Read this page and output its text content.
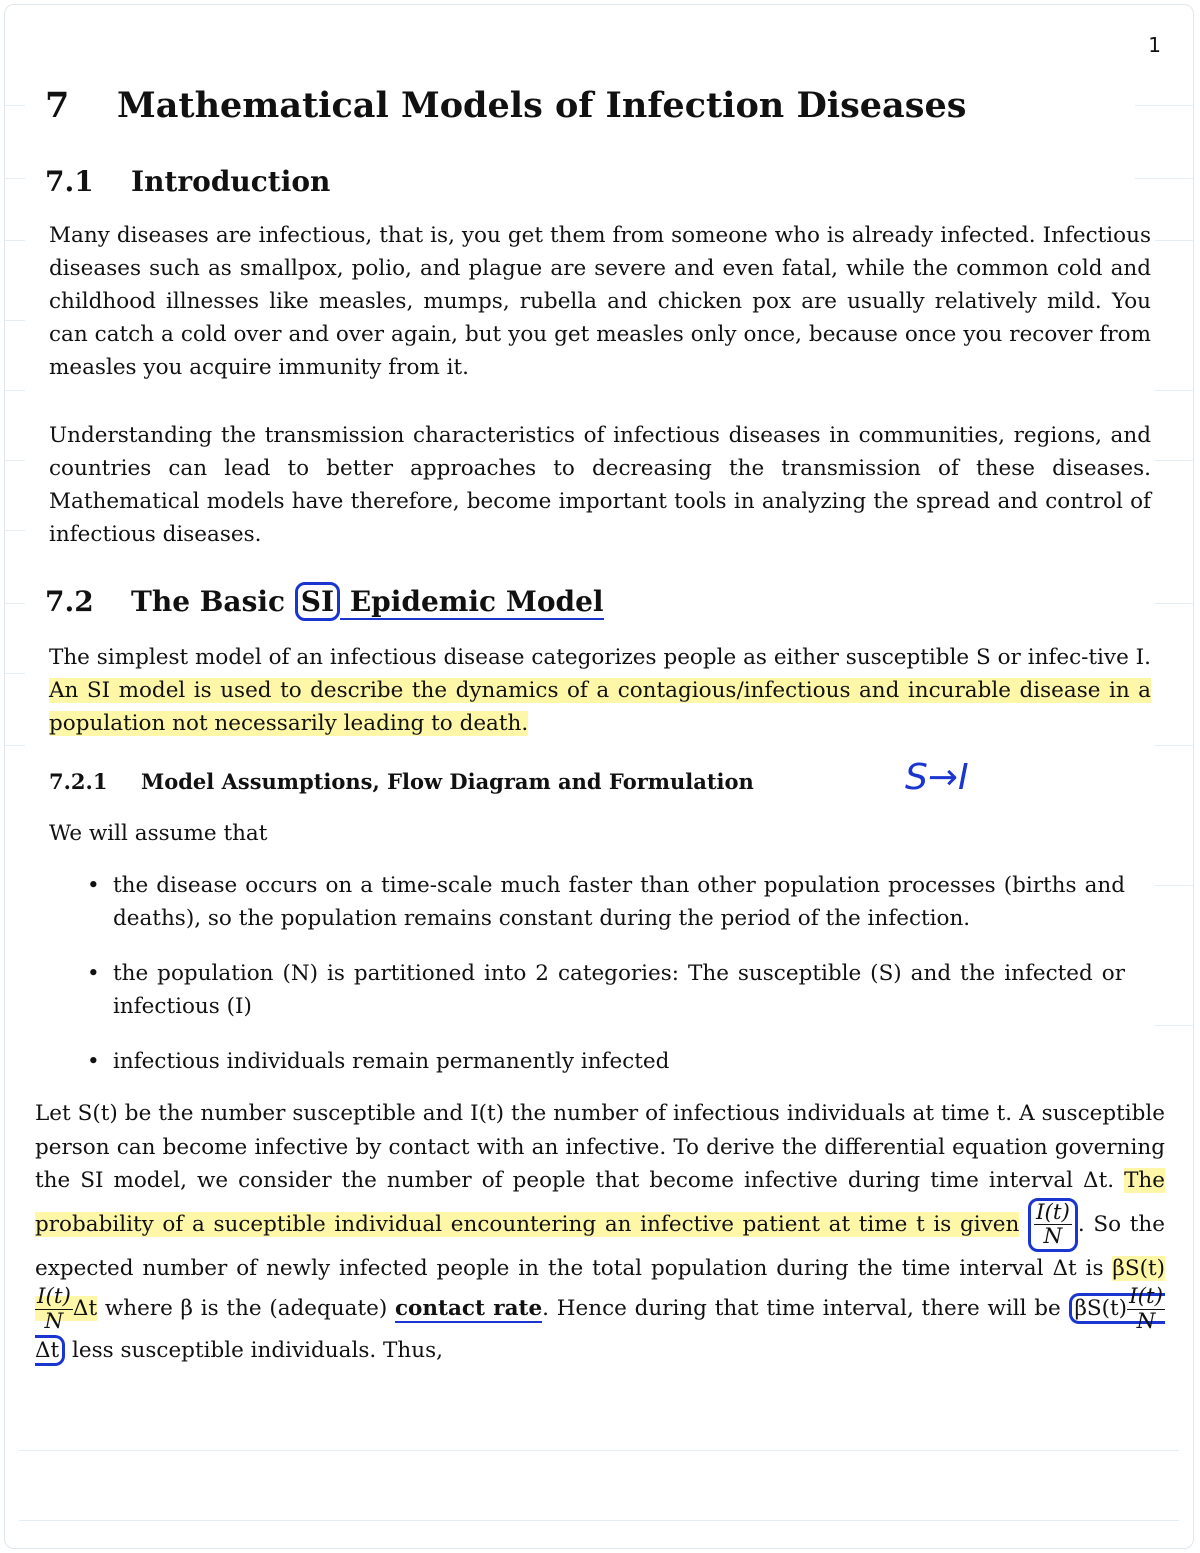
1
7 Mathematical Models of Infection Diseases
7.1 Introduction

Many diseases are infectious, that is, you get them from someone who is already infected. Infectious diseases such as smallpox, polio, and plague are severe and even fatal, while the common cold and childhood illnesses like measles, mumps, rubella and chicken pox are usually relatively mild. You can catch a cold over and over again, but you get measles only once, because once you recover from measles you acquire immunity from it.

Understanding the transmission characteristics of infectious diseases in communities, regions, and countries can lead to better approaches to decreasing the transmission of these diseases. Mathematical models have therefore, become important tools in analyzing the spread and control of infectious diseases.

7.2 The Basic SI Epidemic Model

The simplest model of an infectious disease categorizes people as either susceptible S or infec-tive I. An SI model is used to describe the dynamics of a contagious/infectious and incurable disease in a population not necessarily leading to death.

7.2.1 Model Assumptions, Flow Diagram and Formulation	S→I

We will assume that

• the disease occurs on a time-scale much faster than other population processes (births and deaths), so the population remains constant during the period of the infection.
• the population (N) is partitioned into 2 categories: The susceptible (S) and the infected or infectious (I)
• infectious individuals remain permanently infected
Let S(t) be the number susceptible and I(t) the number of infectious individuals at time t. A susceptible person can become infective by contact with an infective. To derive the differential equation governing the SI model, we consider the number of people that become infective during time interval Δt. The probability of a suceptible individual encountering an infective patient at time t is given $\frac{I(t)}{N}$ . So the expected number of newly infected people in the total population during the time interval Δt is βS(t)
$\frac{I(t)}{N}$ Δt where β is the (adequate) contact rate. Hence during that time interval, there will be $\beta S(t) \frac{I(t)}{N}$
Δt less susceptible individuals. Thus,
